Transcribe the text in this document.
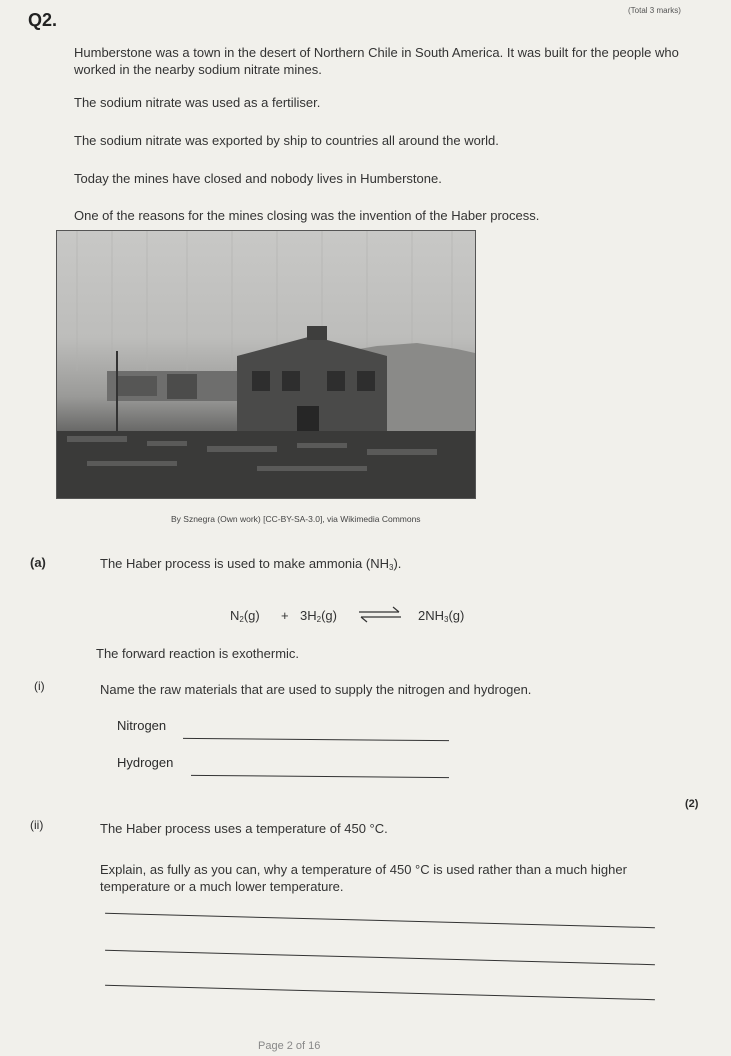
(Total 3 marks)
Q2.
Humberstone was a town in the desert of Northern Chile in South America. It was built for the people who worked in the nearby sodium nitrate mines.
The sodium nitrate was used as a fertiliser.
The sodium nitrate was exported by ship to countries all around the world.
Today the mines have closed and nobody lives in Humberstone.
One of the reasons for the mines closing was the invention of the Haber process.
By Sznegra (Own work) [CC-BY-SA-3.0], via Wikimedia Commons
(a)	The Haber process is used to make ammonia $(NH_3)$.
$N_2(g) + 3H_2(g)$ ⇌ $2NH_3(g)$
The forward reaction is exothermic.
(i)	Name the raw materials that are used to supply the nitrogen and hydrogen.
Nitrogen
Hydrogen
(2)
(ii)	The Haber process uses a temperature of 450 °C.
Explain, as fully as you can, why a temperature of 450 °C is used rather than a much higher temperature or a much lower temperature.
Page 2 of 16
